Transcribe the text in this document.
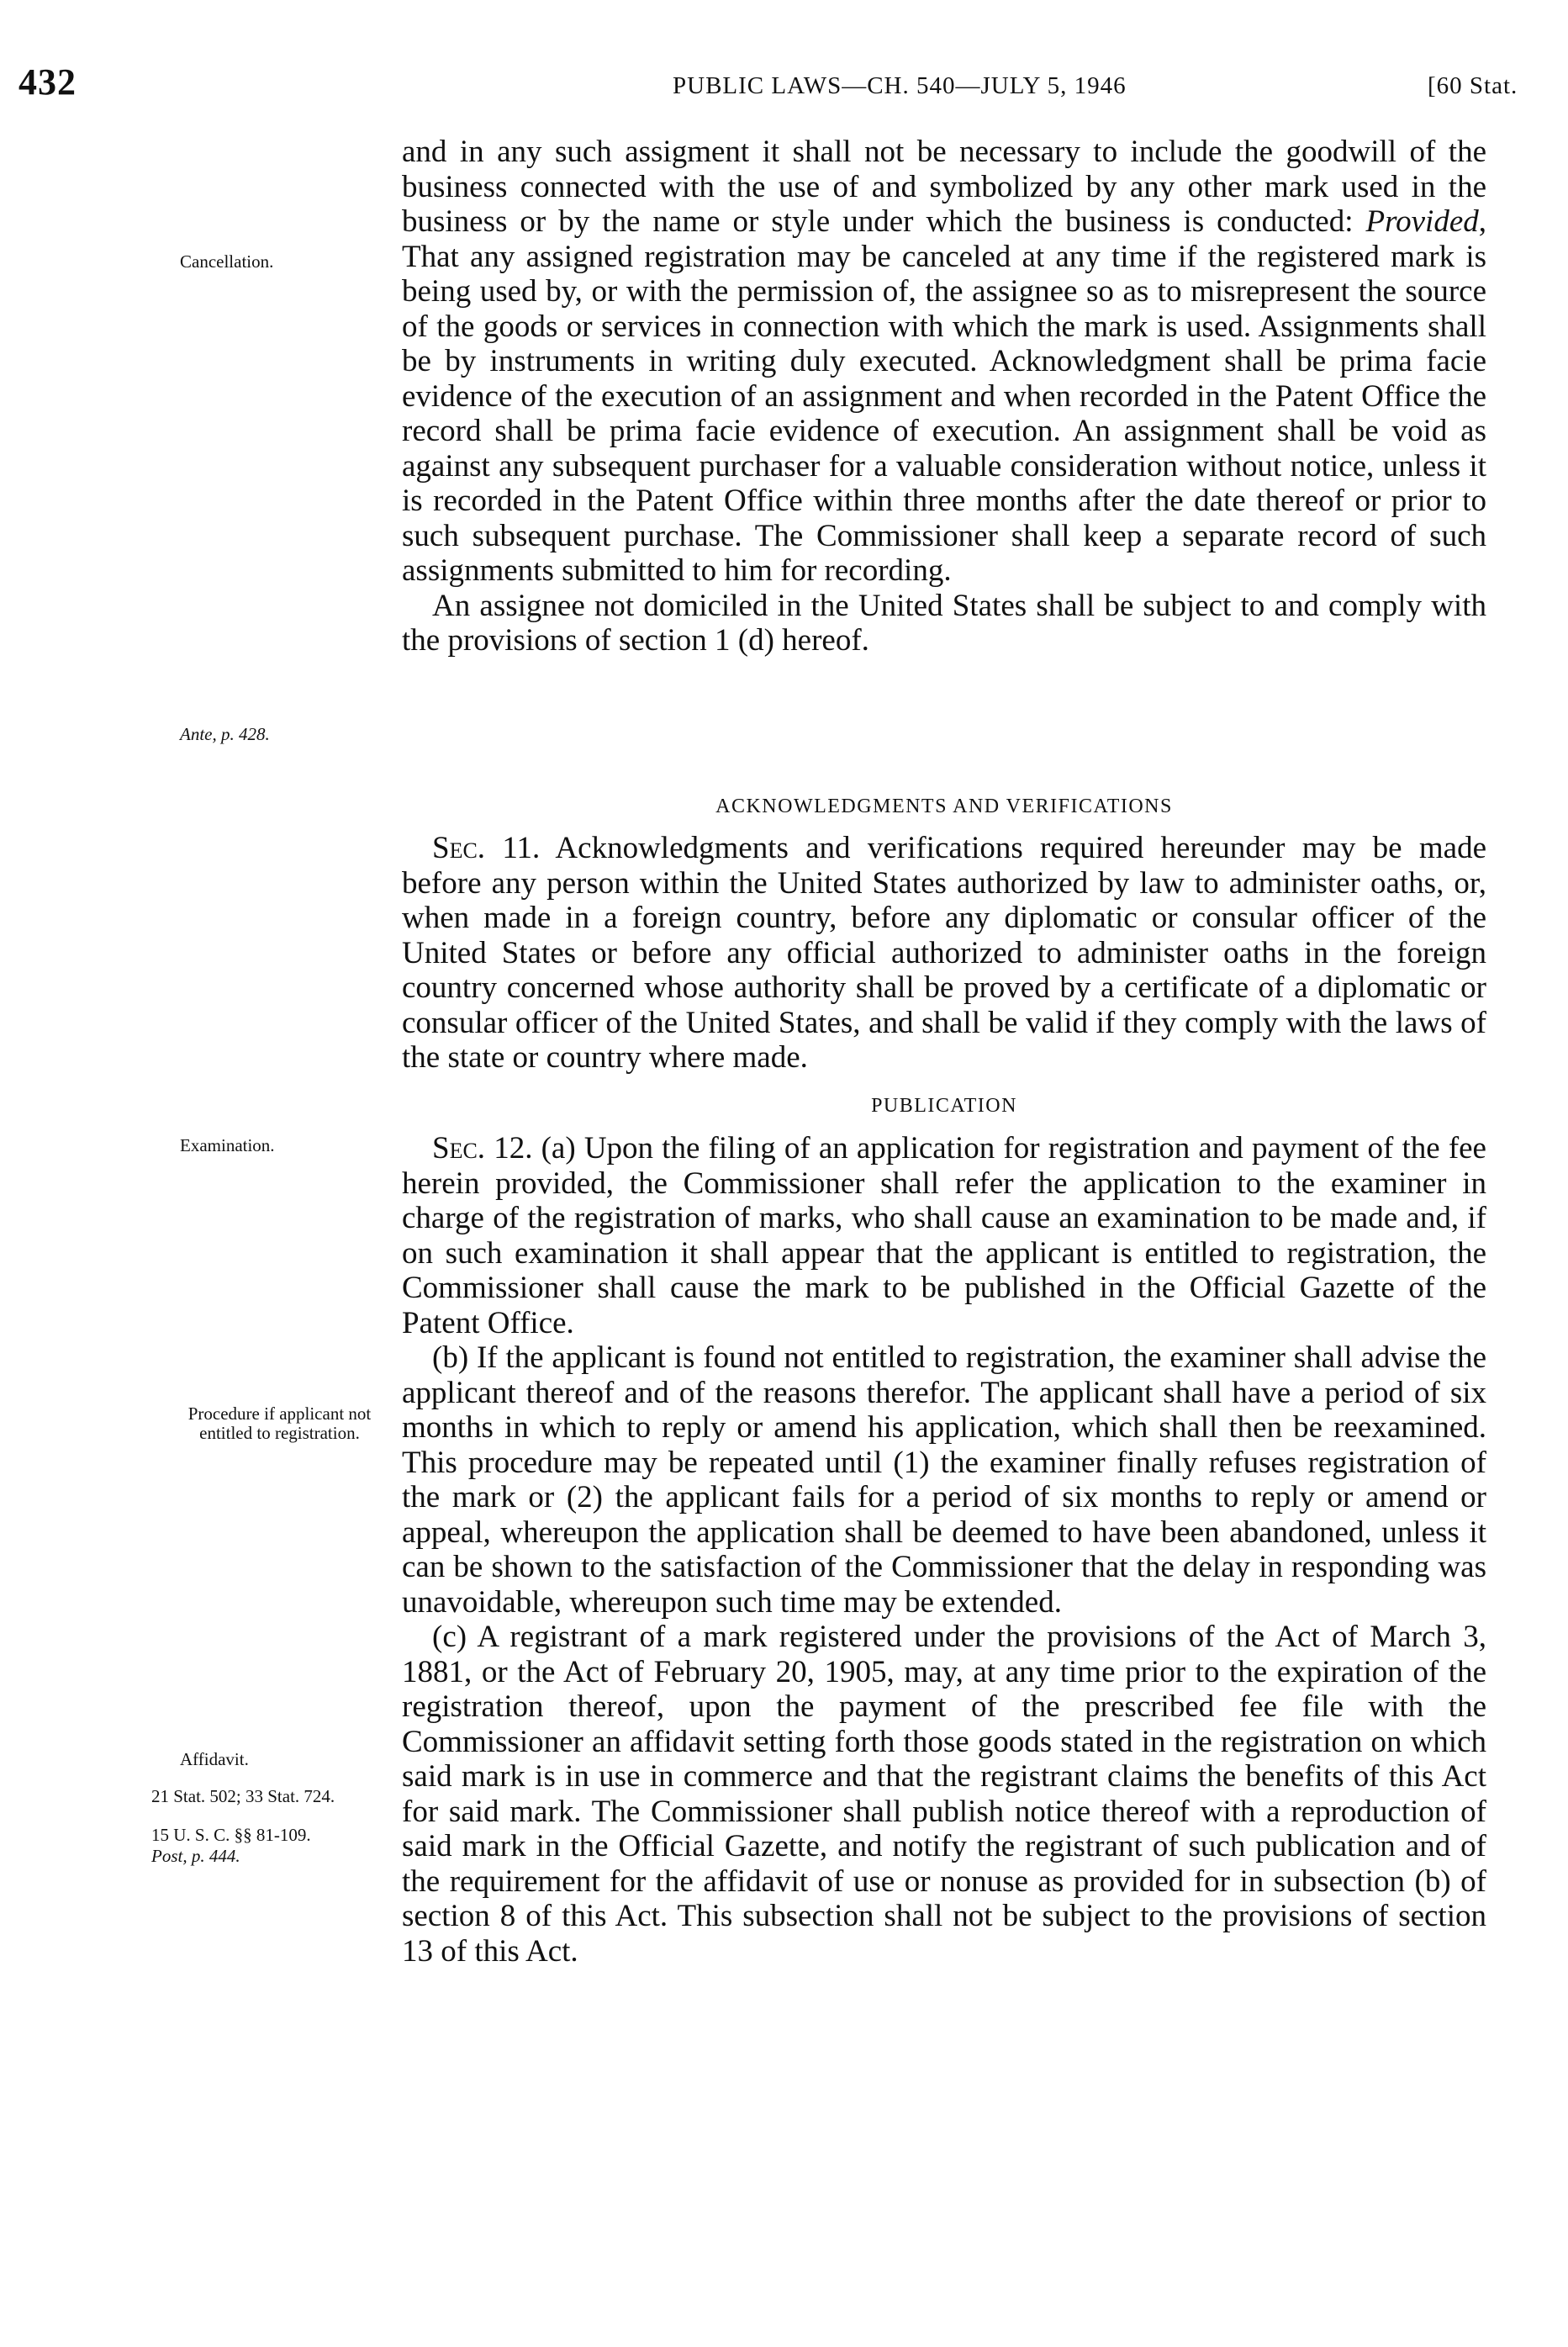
432	PUBLIC LAWS—CH. 540—JULY 5, 1946	[60 Stat.
Cancellation.
Ante, p. 428.
Examination.
Procedure if applicant not entitled to registration.
Affidavit.
21 Stat. 502; 33 Stat. 724.
15 U. S. C. §§ 81-109.
Post, p. 444.

and in any such assigment it shall not be necessary to include the goodwill of the business connected with the use of and symbolized by any other mark used in the business or by the name or style under which the business is conducted: Provided, That any assigned registration may be canceled at any time if the registered mark is being used by, or with the permission of, the assignee so as to misrepresent the source of the goods or services in connection with which the mark is used. Assignments shall be by instruments in writing duly executed. Acknowledgment shall be prima facie evidence of the execution of an assignment and when recorded in the Patent Office the record shall be prima facie evidence of execution. An assignment shall be void as against any subsequent purchaser for a valuable consideration without notice, unless it is recorded in the Patent Office within three months after the date thereof or prior to such subsequent purchase. The Commissioner shall keep a separate record of such assignments submitted to him for recording.

An assignee not domiciled in the United States shall be subject to and comply with the provisions of section 1 (d) hereof.

ACKNOWLEDGMENTS AND VERIFICATIONS

Sec. 11. Acknowledgments and verifications required hereunder may be made before any person within the United States authorized by law to administer oaths, or, when made in a foreign country, before any diplomatic or consular officer of the United States or before any official authorized to administer oaths in the foreign country concerned whose authority shall be proved by a certificate of a diplomatic or consular officer of the United States, and shall be valid if they comply with the laws of the state or country where made.

PUBLICATION

Sec. 12. (a) Upon the filing of an application for registration and payment of the fee herein provided, the Commissioner shall refer the application to the examiner in charge of the registration of marks, who shall cause an examination to be made and, if on such examination it shall appear that the applicant is entitled to registration, the Commissioner shall cause the mark to be published in the Official Gazette of the Patent Office.

(b) If the applicant is found not entitled to registration, the examiner shall advise the applicant thereof and of the reasons therefor. The applicant shall have a period of six months in which to reply or amend his application, which shall then be reexamined. This procedure may be repeated until (1) the examiner finally refuses registration of the mark or (2) the applicant fails for a period of six months to reply or amend or appeal, whereupon the application shall be deemed to have been abandoned, unless it can be shown to the satisfaction of the Commissioner that the delay in responding was unavoidable, whereupon such time may be extended.

(c) A registrant of a mark registered under the provisions of the Act of March 3, 1881, or the Act of February 20, 1905, may, at any time prior to the expiration of the registration thereof, upon the payment of the prescribed fee file with the Commissioner an affidavit setting forth those goods stated in the registration on which said mark is in use in commerce and that the registrant claims the benefits of this Act for said mark. The Commissioner shall publish notice thereof with a reproduction of said mark in the Official Gazette, and notify the registrant of such publication and of the requirement for the affidavit of use or nonuse as provided for in subsection (b) of section 8 of this Act. This subsection shall not be subject to the provisions of section 13 of this Act.
